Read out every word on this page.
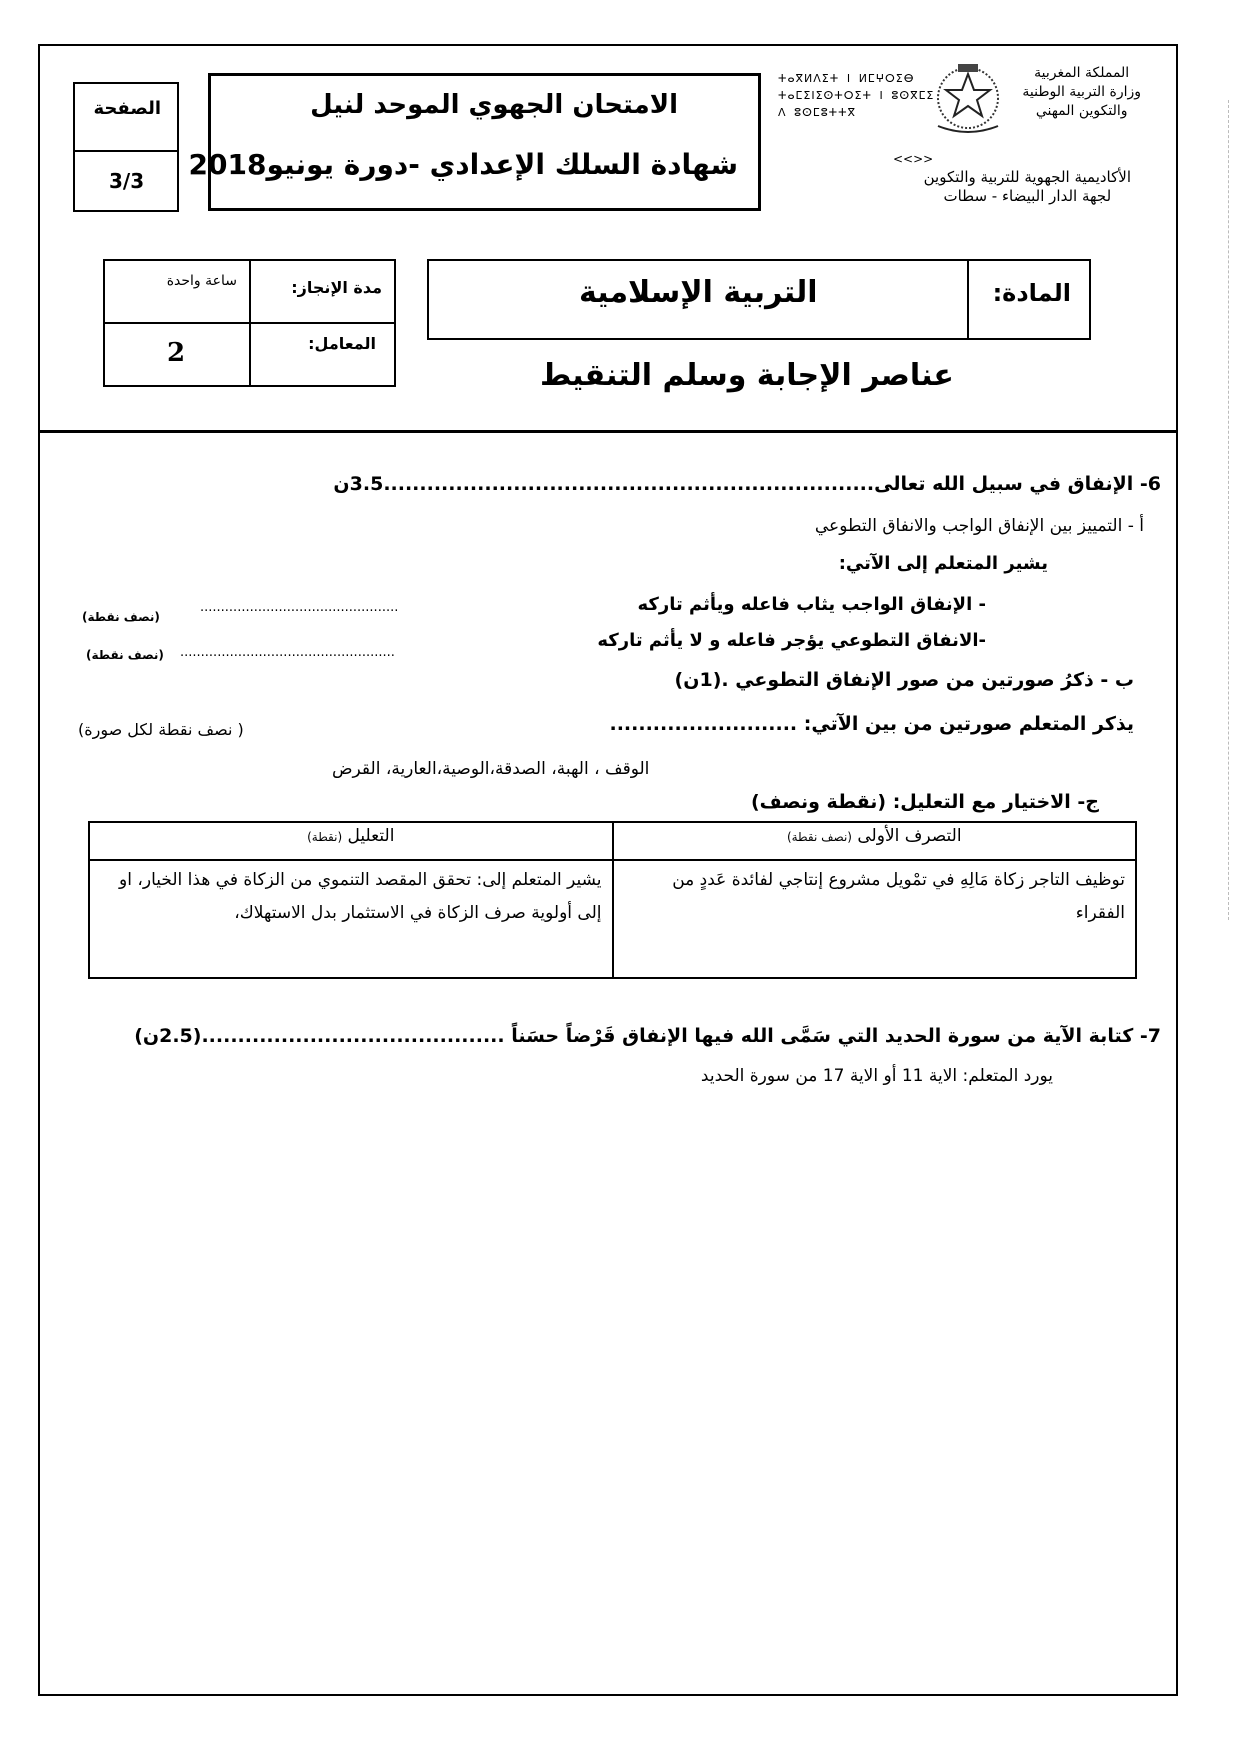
المملكة المغربية
وزارة التربية الوطنية
والتكوين المهني
ⵜⴰⴳⵍⴷⵉⵜ ⵏ ⵍⵎⵖⵔⵉⴱ
ⵜⴰⵎⵉⵏⵉⵙⵜⵔⵉⵜ ⵏ ⵓⵙⴳⵎⵉ
ⴷ ⵓⵙⵎⵓⵜⵜⴳ
<<>>
الأكاديمية الجهوية للتربية والتكوين
لجهة الدار البيضاء - سطات
الامتحان الجهوي الموحد لنيل
شهادة السلك الإعدادي -دورة يونيو2018
الصفحة
3/3
ساعة واحدة	مدة الإنجاز:
2	المعامل:
التربية الإسلامية	المادة:
عناصر الإجابة وسلم التنقيط
6- الإنفاق في سبيل الله تعالى....................................................................3.5ن
أ - التمييز بين الإنفاق الواجب والانفاق التطوعي
يشير المتعلم إلى الآتي:
- الإنفاق الواجب يثاب فاعله ويأثم تاركه
................................................
(نصف نقطة)
-الانفاق التطوعي يؤجر فاعله و لا يأثم تاركه
....................................................
(نصف نقطة)
ب - ذكرُ صورتين من صور الإنفاق التطوعي .(1ن)
يذكر المتعلم صورتين من بين الآتي: ..........................
( نصف نقطة لكل صورة)
الوقف ، الهبة، الصدقة،الوصية،العارية، القرض
ج- الاختيار مع التعليل: (نقطة ونصف)
التصرف الأولى (نصف نقطة)	التعليل (نقطة)
توظيف التاجر زكاة مَالِهِ في تمْويل مشروع إنتاجي لفائدة عَددٍ من الفقراء	يشير المتعلم إلى: تحقق المقصد التنموي من الزكاة في هذا الخيار، او إلى أولوية صرف الزكاة في الاستثمار بدل الاستهلاك،
7- كتابة الآية من سورة الحديد التي سَمَّى الله فيها الإنفاق قَرْضاً حسَناً ..........................................(2.5ن)
يورد المتعلم: الاية 11 أو الاية 17 من سورة الحديد
